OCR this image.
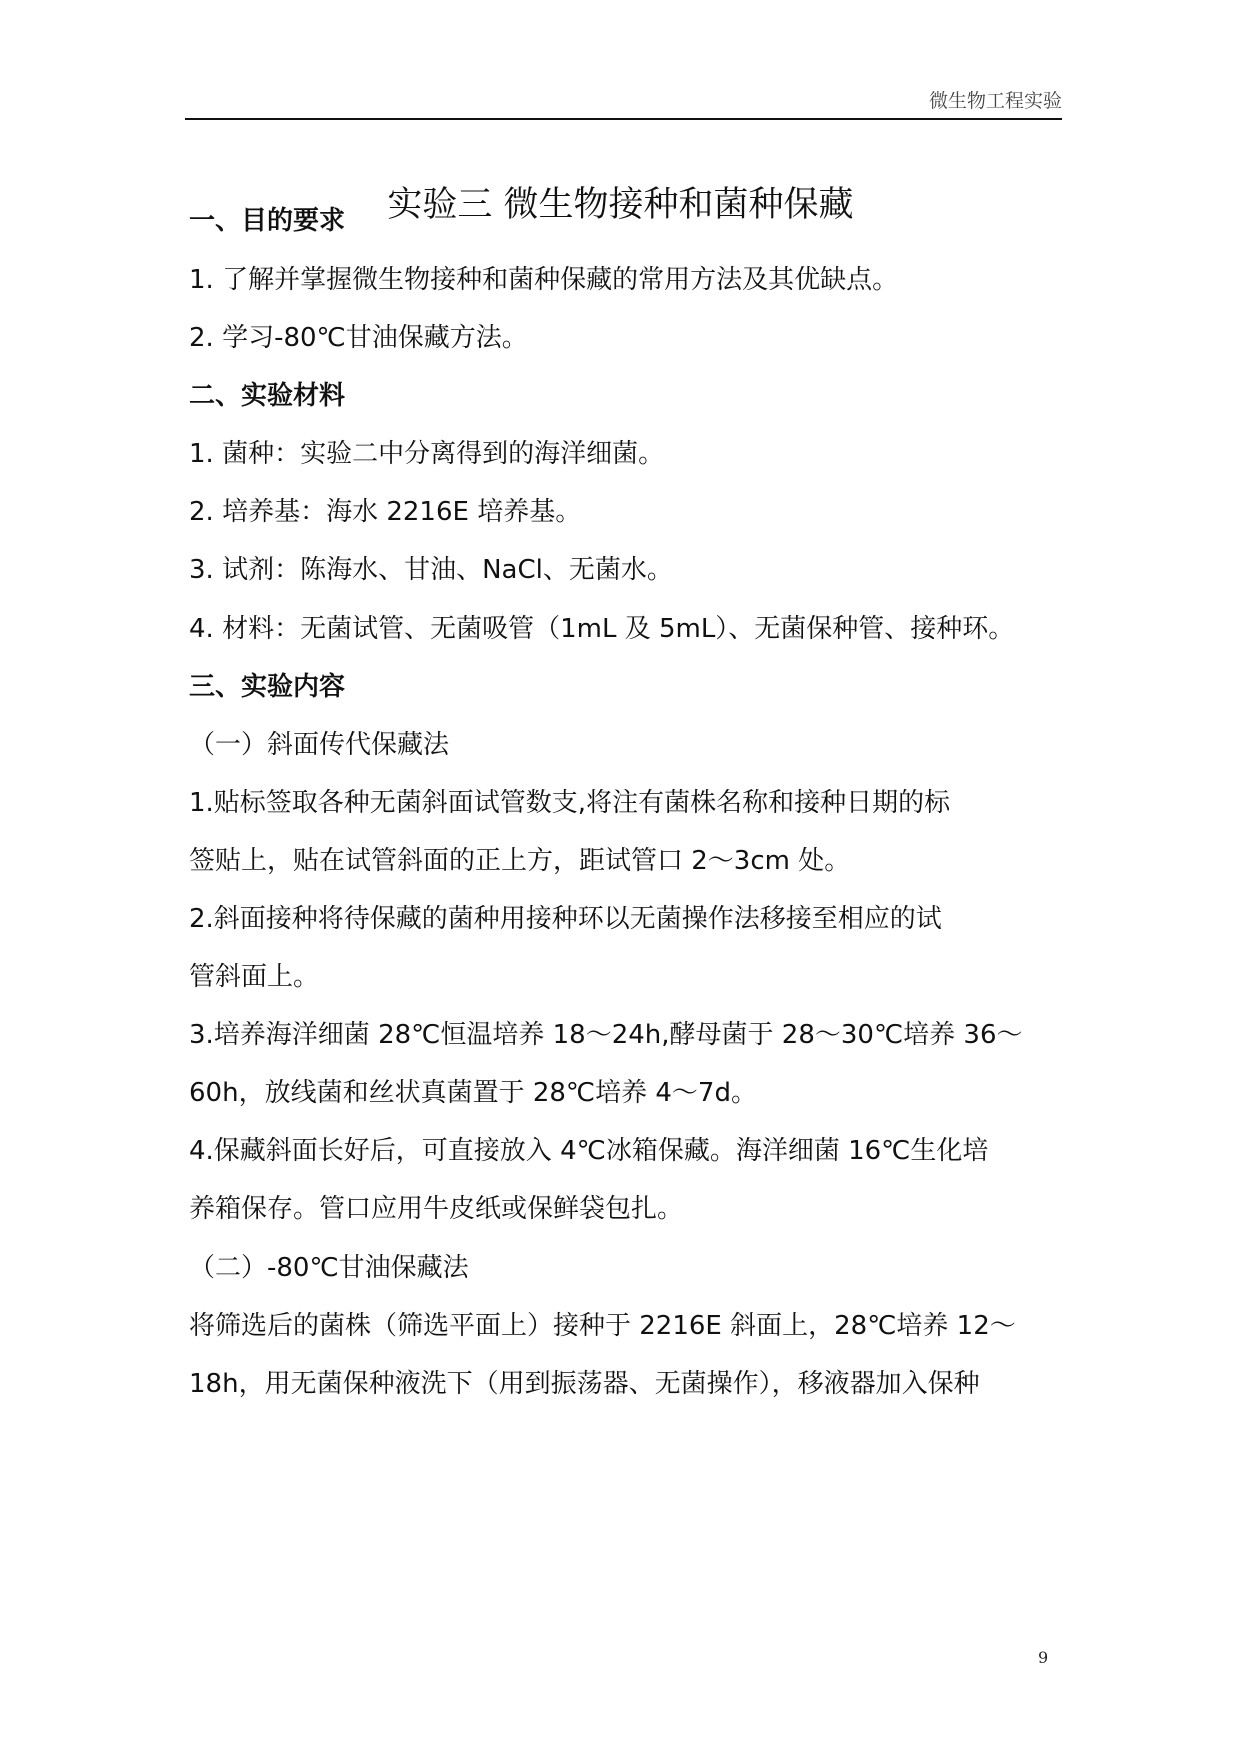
微生物工程实验
实验三 微生物接种和菌种保藏
一、目的要求
1. 了解并掌握微生物接种和菌种保藏的常用方法及其优缺点。
2. 学习-80℃甘油保藏方法。
二、实验材料
1. 菌种：实验二中分离得到的海洋细菌。
2. 培养基：海水 2216E 培养基。
3. 试剂：陈海水、甘油、NaCl、无菌水。
4. 材料：无菌试管、无菌吸管（1mL 及 5mL）、无菌保种管、接种环。
三、实验内容
（一）斜面传代保藏法
1.贴标签取各种无菌斜面试管数支,将注有菌株名称和接种日期的标
签贴上，贴在试管斜面的正上方，距试管口 2～3cm 处。
2.斜面接种将待保藏的菌种用接种环以无菌操作法移接至相应的试
管斜面上。
3.培养海洋细菌 28℃恒温培养 18～24h,酵母菌于 28～30℃培养 36～
60h，放线菌和丝状真菌置于 28℃培养 4～7d。
4.保藏斜面长好后，可直接放入 4℃冰箱保藏。海洋细菌 16℃生化培
养箱保存。管口应用牛皮纸或保鲜袋包扎。
（二）-80℃甘油保藏法
将筛选后的菌株（筛选平面上）接种于 2216E 斜面上，28℃培养 12～
18h，用无菌保种液洗下（用到振荡器、无菌操作），移液器加入保种
9
